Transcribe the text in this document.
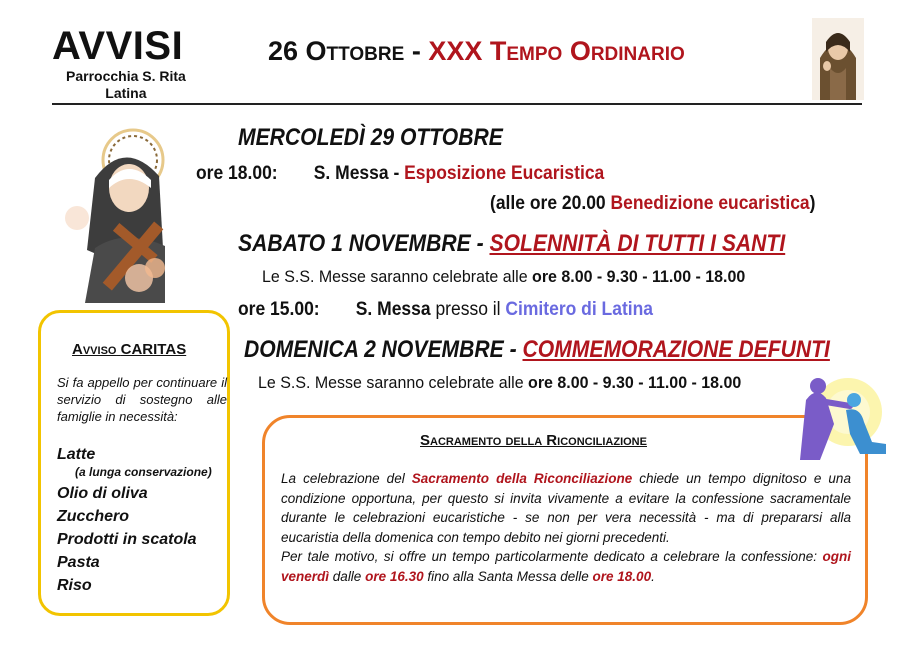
AVVISI
Parrocchia S. Rita
Latina
26 Ottobre - XXX Tempo Ordinario
MERCOLEDÌ 29 OTTOBRE
ore 18.00: S. Messa - Esposizione Eucaristica
(alle ore 20.00 Benedizione eucaristica)
SABATO 1 NOVEMBRE - SOLENNITÀ DI TUTTI I SANTI
Le S.S. Messe saranno celebrate alle ore 8.00 - 9.30 - 11.00 - 18.00
ore 15.00: S. Messa presso il Cimitero di Latina
DOMENICA 2 NOVEMBRE - COMMEMORAZIONE DEFUNTI
Le S.S. Messe saranno celebrate alle ore 8.00 - 9.30 - 11.00 - 18.00
Avviso CARITAS
Si fa appello per continuare il servizio di sostegno alle famiglie in necessità:
Latte
(a lunga conservazione)
Olio di oliva
Zucchero
Prodotti in scatola
Pasta
Riso
Sacramento della Riconciliazione
La celebrazione del Sacramento della Riconciliazione chiede un tempo dignitoso e una condizione opportuna, per questo si invita vivamente a evitare la confessione sacramentale durante le celebrazioni eucaristiche - se non per vera necessità - ma di prepararsi alla eucaristia della domenica con tempo debito nei giorni precedenti.
Per tale motivo, si offre un tempo particolarmente dedicato a celebrare la confessione: ogni venerdì dalle ore 16.30 fino alla Santa Messa delle ore 18.00.
